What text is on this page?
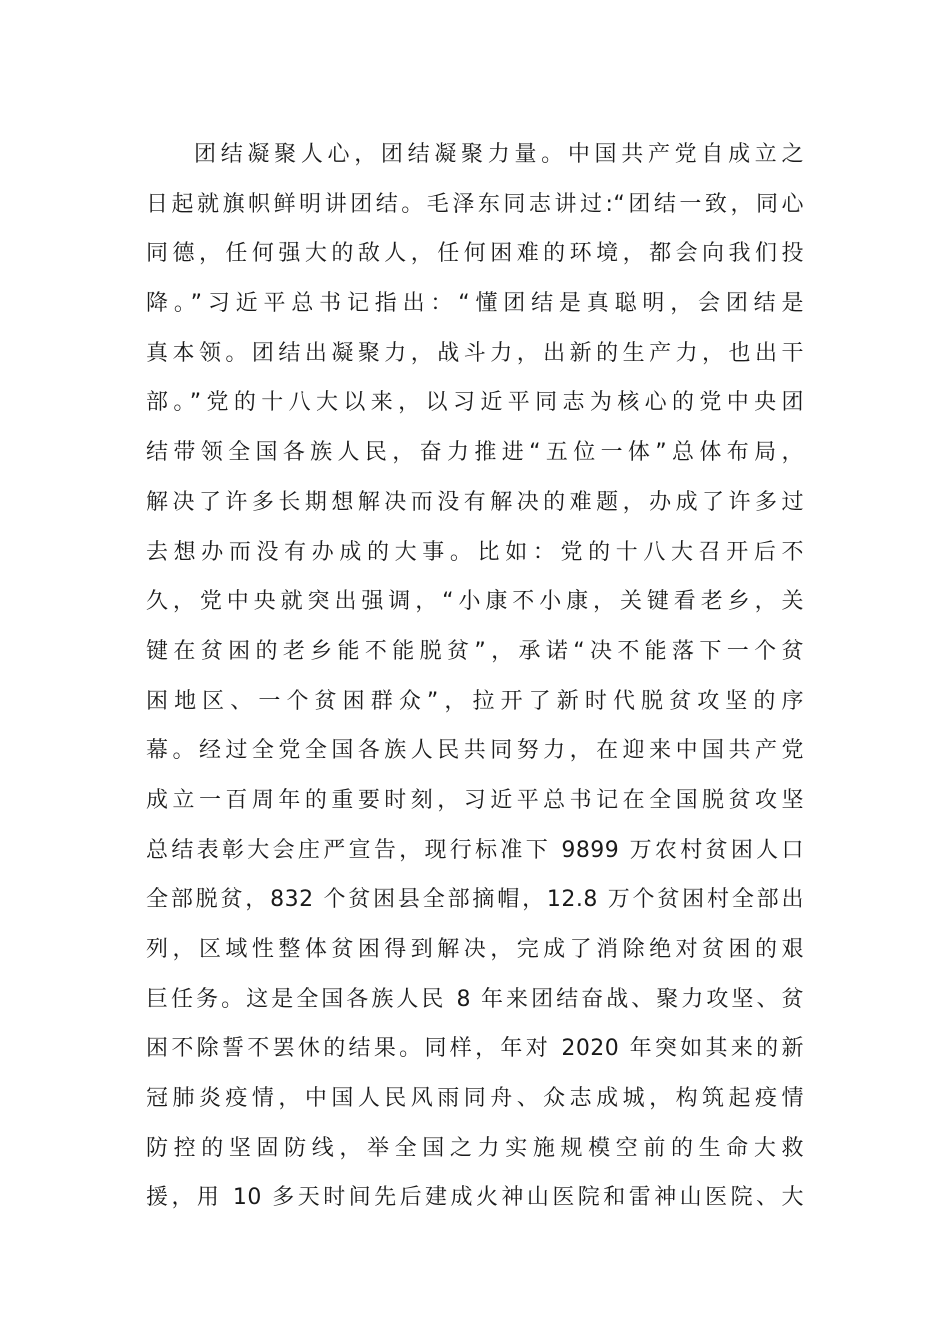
团结凝聚人心，团结凝聚力量。中国共产党自成立之
日起就旗帜鲜明讲团结。毛泽东同志讲过:“团结一致，同心
同德，任何强大的敌人，任何困难的环境，都会向我们投
降。”习近平总书记指出：“懂团结是真聪明，会团结是
真本领。团结出凝聚力，战斗力，出新的生产力，也出干
部。”党的十八大以来，以习近平同志为核心的党中央团
结带领全国各族人民，奋力推进“五位一体”总体布局，
解决了许多长期想解决而没有解决的难题，办成了许多过
去想办而没有办成的大事。比如：党的十八大召开后不
久，党中央就突出强调，“小康不小康，关键看老乡，关
键在贫困的老乡能不能脱贫”，承诺“决不能落下一个贫
困地区、一个贫困群众”，拉开了新时代脱贫攻坚的序
幕。经过全党全国各族人民共同努力，在迎来中国共产党
成立一百周年的重要时刻，习近平总书记在全国脱贫攻坚
总结表彰大会庄严宣告，现行标准下 9899 万农村贫困人口
全部脱贫，832 个贫困县全部摘帽，12.8 万个贫困村全部出
列，区域性整体贫困得到解决，完成了消除绝对贫困的艰
巨任务。这是全国各族人民 8 年来团结奋战、聚力攻坚、贫
困不除誓不罢休的结果。同样，年对 2020 年突如其来的新
冠肺炎疫情，中国人民风雨同舟、众志成城，构筑起疫情
防控的坚固防线，举全国之力实施规模空前的生命大救
援，用 10 多天时间先后建成火神山医院和雷神山医院、大
